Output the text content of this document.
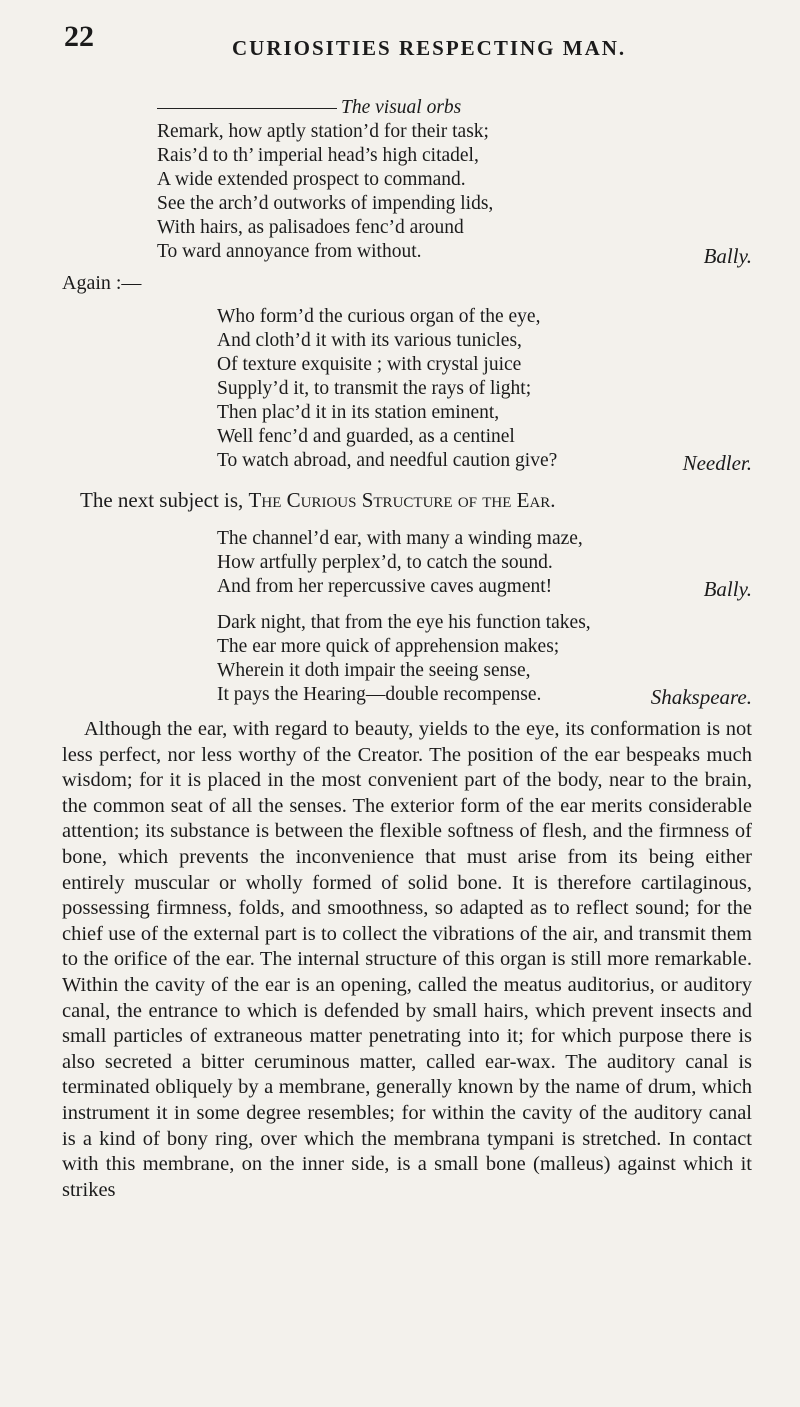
22	CURIOSITIES RESPECTING MAN.
The visual orbs
Remark, how aptly station’d for their task;
Rais’d to th’ imperial head’s high citadel,
A wide extended prospect to command.
See the arch’d outworks of impending lids,
With hairs, as palisadoes fenc’d around
To ward annoyance from without.	Bally.
Again :—
Who form’d the curious organ of the eye,
And cloth’d it with its various tunicles,
Of texture exquisite ; with crystal juice
Supply’d it, to transmit the rays of light;
Then plac’d it in its station eminent,
Well fenc’d and guarded, as a centinel
To watch abroad, and needful caution give?	Needler.
The next subject is, The Curious Structure of the Ear.
The channel’d ear, with many a winding maze,
How artfully perplex’d, to catch the sound.
And from her repercussive caves augment!	Bally.
Dark night, that from the eye his function takes,
The ear more quick of apprehension makes;
Wherein it doth impair the seeing sense,
It pays the Hearing—double recompense.	Shakspeare.

Although the ear, with regard to beauty, yields to the eye, its conformation is not less perfect, nor less worthy of the Creator. The position of the ear bespeaks much wisdom; for it is placed in the most convenient part of the body, near to the brain, the common seat of all the senses. The exterior form of the ear merits considerable attention; its substance is between the flexible softness of flesh, and the firmness of bone, which prevents the inconvenience that must arise from its being either entirely muscular or wholly formed of solid bone. It is therefore cartilaginous, possessing firmness, folds, and smoothness, so adapted as to reflect sound; for the chief use of the external part is to collect the vibrations of the air, and transmit them to the orifice of the ear. The internal structure of this organ is still more remarkable. Within the cavity of the ear is an opening, called the meatus auditorius, or auditory canal, the entrance to which is defended by small hairs, which prevent insects and small particles of extraneous matter penetrating into it; for which purpose there is also secreted a bitter ceruminous matter, called ear-wax. The auditory canal is terminated obliquely by a membrane, generally known by the name of drum, which instrument it in some degree resembles; for within the cavity of the auditory canal is a kind of bony ring, over which the membrana tympani is stretched. In contact with this membrane, on the inner side, is a small bone (malleus) against which it strikes
